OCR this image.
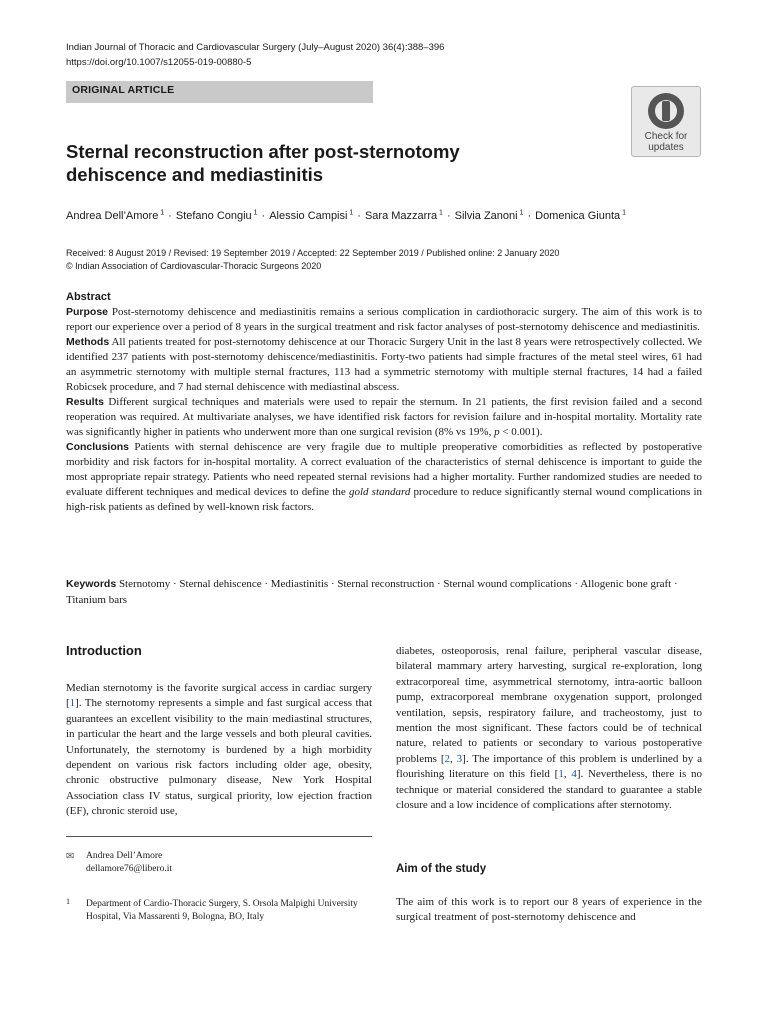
Indian Journal of Thoracic and Cardiovascular Surgery (July–August 2020) 36(4):388–396
https://doi.org/10.1007/s12055-019-00880-5
ORIGINAL ARTICLE
Check for
updates
Sternal reconstruction after post-sternotomy
dehiscence and mediastinitis
Andrea Dell’Amore $^1$ · Stefano Congiu $^1$ · Alessio Campisi $^1$ · Sara Mazzarra $^1$ · Silvia Zanoni $^1$ · Domenica Giunta $^1$
Received: 8 August 2019 / Revised: 19 September 2019 / Accepted: 22 September 2019 / Published online: 2 January 2020
© Indian Association of Cardiovascular-Thoracic Surgeons 2020
Abstract

Purpose Post-sternotomy dehiscence and mediastinitis remains a serious complication in cardiothoracic surgery. The aim of this work is to report our experience over a period of 8 years in the surgical treatment and risk factor analyses of post-sternotomy dehiscence and mediastinitis.

Methods All patients treated for post-sternotomy dehiscence at our Thoracic Surgery Unit in the last 8 years were retrospectively collected. We identified 237 patients with post-sternotomy dehiscence/mediastinitis. Forty-two patients had simple fractures of the metal steel wires, 61 had an asymmetric sternotomy with multiple sternal fractures, 113 had a symmetric sternotomy with multiple sternal fractures, 14 had a failed Robicsek procedure, and 7 had sternal dehiscence with mediastinal abscess.

Results Different surgical techniques and materials were used to repair the sternum. In 21 patients, the first revision failed and a second reoperation was required. At multivariate analyses, we have identified risk factors for revision failure and in-hospital mortality. Mortality rate was significantly higher in patients who underwent more than one surgical revision (8% vs 19%, p < 0.001).

Conclusions Patients with sternal dehiscence are very fragile due to multiple preoperative comorbidities as reflected by postoperative morbidity and risk factors for in-hospital mortality. A correct evaluation of the characteristics of sternal dehiscence is important to guide the most appropriate repair strategy. Patients who need repeated sternal revisions had a higher mortality. Further randomized studies are needed to evaluate different techniques and medical devices to define the gold standard procedure to reduce significantly sternal wound complications in high-risk patients as defined by well-known risk factors.

Keywords Sternotomy · Sternal dehiscence · Mediastinitis · Sternal reconstruction · Sternal wound complications · Allogenic bone graft · Titanium bars
Introduction

Median sternotomy is the favorite surgical access in cardiac surgery [1]. The sternotomy represents a simple and fast surgical access that guarantees an excellent visibility to the main mediastinal structures, in particular the heart and the large vessels and both pleural cavities. Unfortunately, the sternotomy is burdened by a high morbidity dependent on various risk factors including older age, obesity, chronic obstructive pulmonary disease, New York Hospital Association class IV status, surgical priority, low ejection fraction (EF), chronic steroid use,

✉ Andrea Dell’Amore
dellamore76@libero.it
1 Department of Cardio-Thoracic Surgery, S. Orsola Malpighi University Hospital, Via Massarenti 9, Bologna, BO, Italy

diabetes, osteoporosis, renal failure, peripheral vascular disease, bilateral mammary artery harvesting, surgical re-exploration, long extracorporeal time, asymmetrical sternotomy, intra-aortic balloon pump, extracorporeal membrane oxygenation support, prolonged ventilation, sepsis, respiratory failure, and tracheostomy, just to mention the most significant. These factors could be of technical nature, related to patients or secondary to various postoperative problems [2, 3]. The importance of this problem is underlined by a flourishing literature on this field [1, 4]. Nevertheless, there is no technique or material considered the standard to guarantee a stable closure and a low incidence of complications after sternotomy.

Aim of the study

The aim of this work is to report our 8 years of experience in the surgical treatment of post-sternotomy dehiscence and
